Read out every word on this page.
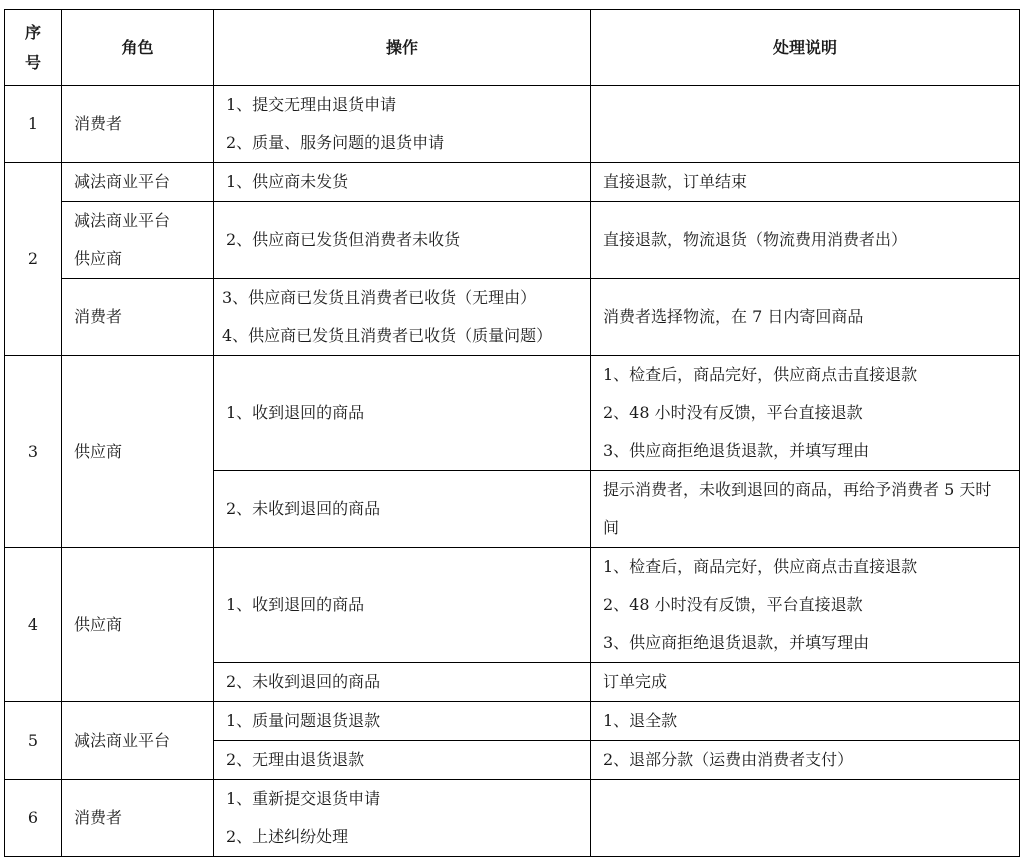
序
号	角色	操作	处理说明
1	消费者	1、提交无理由退货申请
2、质量、服务问题的退货申请	

2	减法商业平台	1、供应商未发货	直接退款，订单结束

	减法商业平台
供应商	2、供应商已发货但消费者未收货	直接退款，物流退货（物流费用消费者出）

	消费者	3、供应商已发货且消费者已收货（无理由）
4、供应商已发货且消费者已收货（质量问题）	消费者选择物流，在 7 日内寄回商品

3	供应商	1、收到退回的商品	1、检查后，商品完好，供应商点击直接退款
2、48 小时没有反馈，平台直接退款
3、供应商拒绝退货退款，并填写理由

		2、未收到退回的商品	提示消费者，未收到退回的商品，再给予消费者 5 天时间
4	供应商	1、收到退回的商品	1、检查后，商品完好，供应商点击直接退款
2、48 小时没有反馈，平台直接退款
3、供应商拒绝退货退款，并填写理由

		2、未收到退回的商品	订单完成

5	减法商业平台	1、质量问题退货退款	1、退全款

		2、无理由退货退款	2、退部分款（运费由消费者支付）

6	消费者	1、重新提交退货申请
2、上述纠纷处理	
